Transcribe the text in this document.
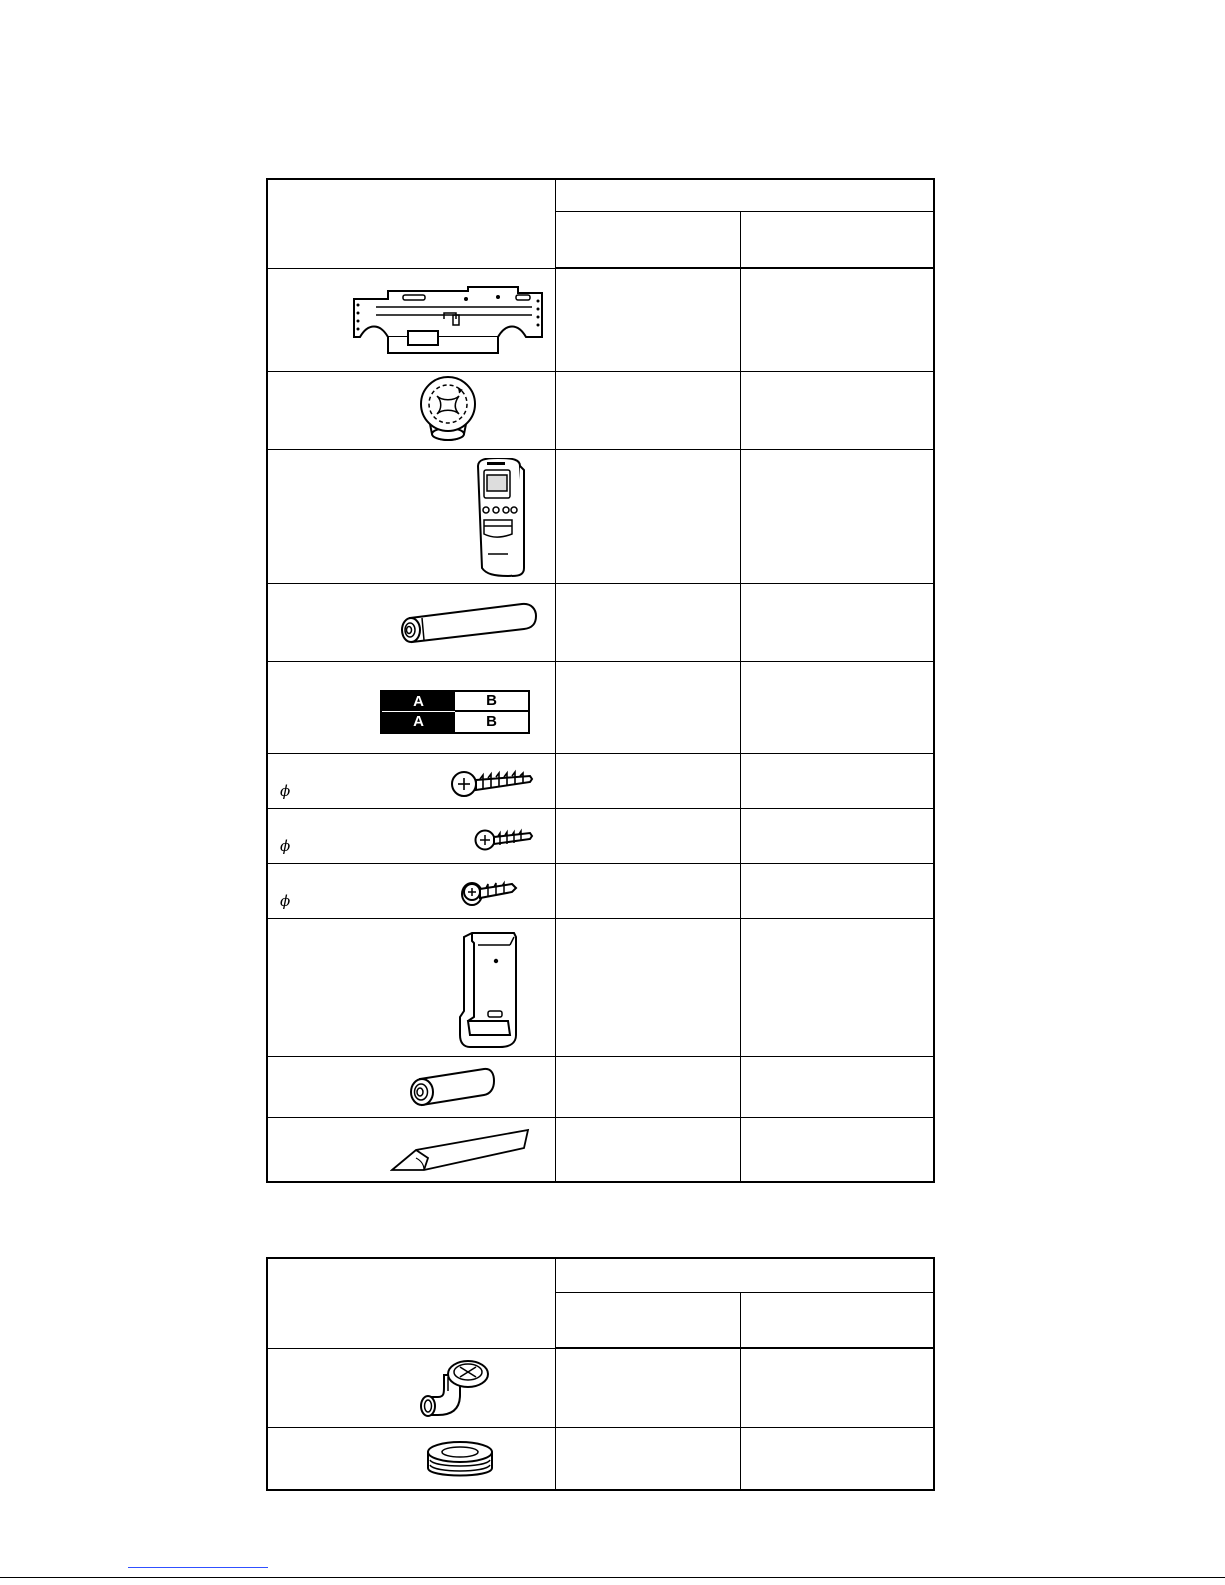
A B
A B		

ϕ		

ϕ		

ϕ		
